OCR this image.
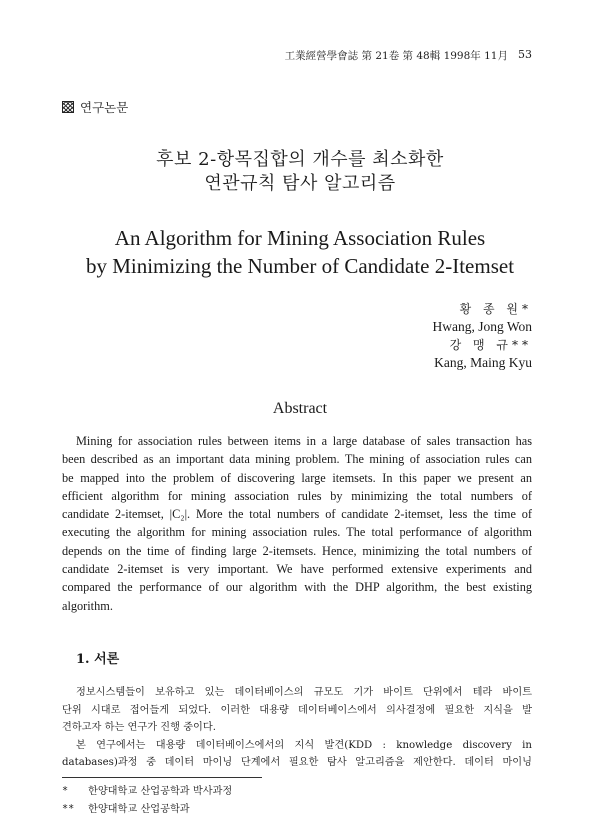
工業經營學會誌 第 21卷 第 48輯 1998年 11月 53
연구논문
후보 2-항목집합의 개수를 최소화한
연관규칙 탐사 알고리즘
An Algorithm for Mining Association Rules
by Minimizing the Number of Candidate 2-Itemset
황 종 원*
Hwang, Jong Won
강 맹 규**
Kang, Maing Kyu
Abstract
Mining for association rules between items in a large database of sales transaction has
been described as an important data mining problem. The mining of association rules can
be mapped into the problem of discovering large itemsets. In this paper we present an
efficient algorithm for mining association rules by minimizing the total numbers of
candidate 2-itemset, |C₂|. More the total numbers of candidate 2-itemset, less the time of
executing the algorithm for mining association rules. The total performance of algorithm
depends on the time of finding large 2-itemsets. Hence, minimizing the total numbers of
candidate 2-itemset is very important. We have performed extensive experiments and
compared the performance of our algorithm with the DHP algorithm, the best existing
algorithm.
1. 서론
정보시스템들이 보유하고 있는 데이터베이스의 규모도 기가 바이트 단위에서 테라 바이트
단위 시대로 접어들게 되었다. 이러한 대용량 데이터베이스에서 의사결정에 필요한 지식을 발
견하고자 하는 연구가 진행 중이다.
본 연구에서는 대용량 데이터베이스에서의 지식 발견(KDD : knowledge discovery in
databases)과정 중 데이터 마이닝 단계에서 필요한 탐사 알고리즘을 제안한다. 데이터 마이닝
*	한양대학교 산업공학과 박사과정
**	한양대학교 산업공학과
